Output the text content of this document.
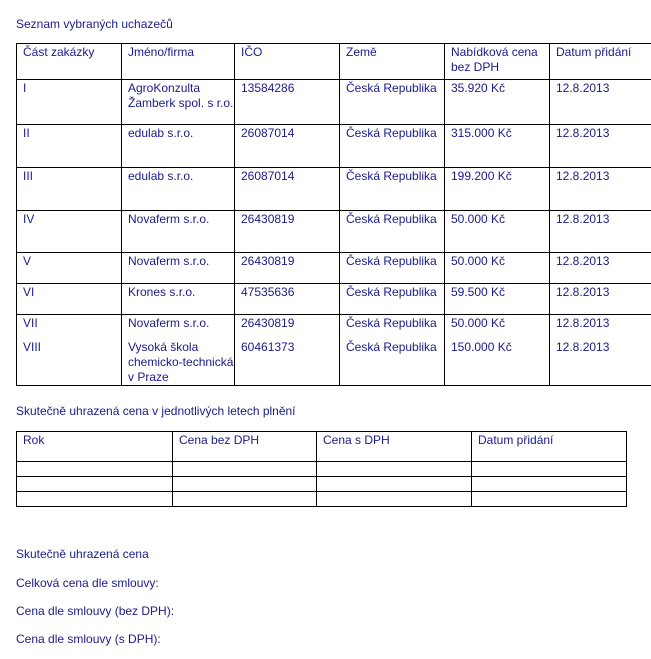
Seznam vybraných uchazečů
Část zakázky	Jméno/firma	IČO	Země	Nabídková cena bez DPH	Datum přidání
I	AgroKonzulta Žamberk spol. s r.o.	13584286	Česká Republika	35.920 Kč	12.8.2013
II	edulab s.r.o.	26087014	Česká Republika	315.000 Kč	12.8.2013
III	edulab s.r.o.	26087014	Česká Republika	199.200 Kč	12.8.2013
IV	Novaferm s.r.o.	26430819	Česká Republika	50.000 Kč	12.8.2013
V	Novaferm s.r.o.	26430819	Česká Republika	50.000 Kč	12.8.2013
VI	Krones s.r.o.	47535636	Česká Republika	59.500 Kč	12.8.2013
VII	Novaferm s.r.o.	26430819	Česká Republika	50.000 Kč	12.8.2013
VIII	Vysoká škola chemicko-technická v Praze	60461373	Česká Republika	150.000 Kč	12.8.2013
Skutečně uhrazená cena v jednotlivých letech plnění
Rok	Cena bez DPH	Cena s DPH	Datum přidání

Skutečně uhrazená cena
Celková cena dle smlouvy:
Cena dle smlouvy (bez DPH):
Cena dle smlouvy (s DPH):
